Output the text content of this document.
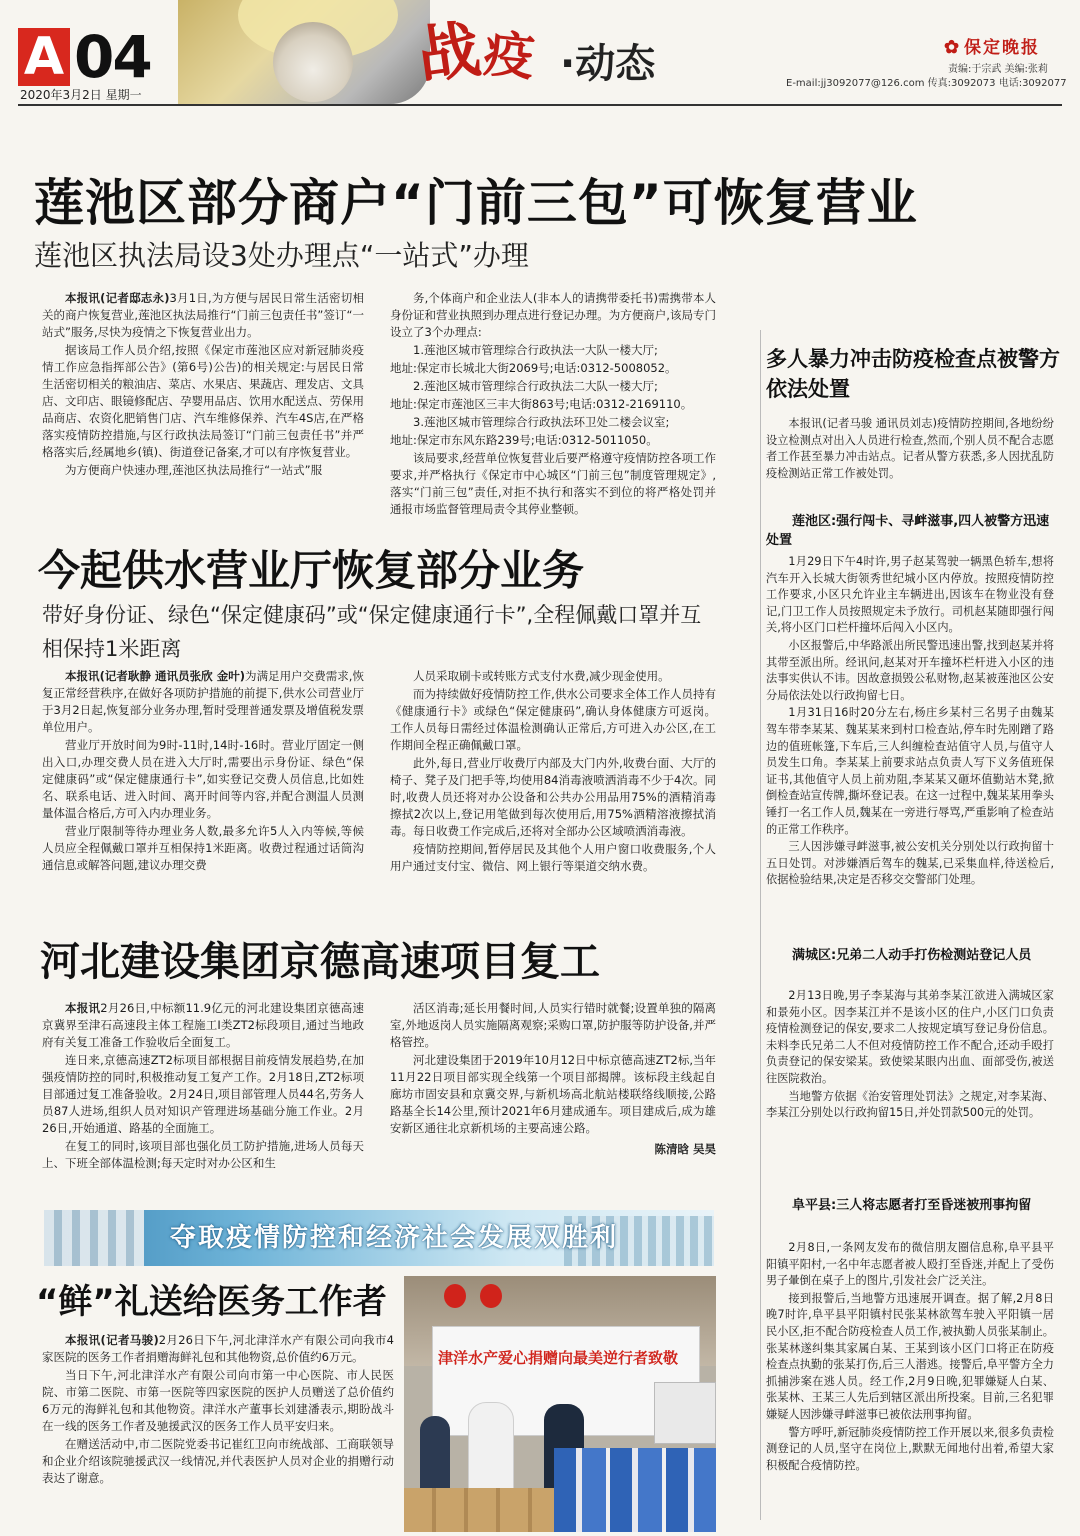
A 04
2020年3月2日 星期一
战
疫 ·动态	✿ 保定晚报
责编:于宗武 美编:张莉
E-mail:jj3092077@126.com 传真:3092073 电话:3092077
莲池区部分商户“门前三包”可恢复营业
莲池区执法局设3处办理点“一站式”办理

本报讯(记者邸志永)3月1日,为方便与居民日常生活密切相关的商户恢复营业,莲池区执法局推行“门前三包责任书”签订“一站式”服务,尽快为疫情之下恢复营业出力。

据该局工作人员介绍,按照《保定市莲池区应对新冠肺炎疫情工作应急指挥部公告》(第6号)公告)的相关规定:与居民日常生活密切相关的粮油店、菜店、水果店、果蔬店、理发店、文具店、文印店、眼镜修配店、孕婴用品店、饮用水配送点、劳保用品商店、农资化肥销售门店、汽车维修保养、汽车4S店,在严格落实疫情防控措施,与区行政执法局签订“门前三包责任书”并严格落实后,经属地乡(镇)、街道登记备案,才可以有序恢复营业。

为方便商户快速办理,莲池区执法局推行“一站式”服

务,个体商户和企业法人(非本人的请携带委托书)需携带本人身份证和营业执照到办理点进行登记办理。为方便商户,该局专门设立了3个办理点:

1.莲池区城市管理综合行政执法一大队一楼大厅;

地址:保定市长城北大街2069号;电话:0312-5008052。

2.莲池区城市管理综合行政执法二大队一楼大厅;

地址:保定市莲池区三丰大街863号;电话:0312-2169110。

3.莲池区城市管理综合行政执法环卫处二楼会议室;

地址:保定市东风东路239号;电话:0312-5011050。

该局要求,经营单位恢复营业后要严格遵守疫情防控各项工作要求,并严格执行《保定市中心城区“门前三包”制度管理规定》,落实“门前三包”责任,对拒不执行和落实不到位的将严格处罚并通报市场监督管理局责令其停业整顿。

今起供水营业厅恢复部分业务
带好身份证、绿色“保定健康码”或“保定健康通行卡”,全程佩戴口罩并互相保持1米距离

本报讯(记者耿静 通讯员张欣 金叶)为满足用户交费需求,恢复正常经营秩序,在做好各项防护措施的前提下,供水公司营业厅于3月2日起,恢复部分业务办理,暂时受理普通发票及增值税发票单位用户。

营业厅开放时间为9时-11时,14时-16时。营业厅固定一侧出入口,办理交费人员在进入大厅时,需要出示身份证、绿色“保定健康码”或“保定健康通行卡”,如实登记交费人员信息,比如姓名、联系电话、进入时间、离开时间等内容,并配合测温人员测量体温合格后,方可入内办理业务。

营业厅限制等待办理业务人数,最多允许5人入内等候,等候人员应全程佩戴口罩并互相保持1米距离。收费过程通过话筒沟通信息或解答问题,建议办理交费

人员采取刷卡或转账方式支付水费,减少现金使用。

而为持续做好疫情防控工作,供水公司要求全体工作人员持有《健康通行卡》或绿色“保定健康码”,确认身体健康方可返岗。工作人员每日需经过体温检测确认正常后,方可进入办公区,在工作期间全程正确佩戴口罩。

此外,每日,营业厅收费厅内部及大门内外,收费台面、大厅的椅子、凳子及门把手等,均使用84消毒液喷洒消毒不少于4次。同时,收费人员还将对办公设备和公共办公用品用75%的酒精消毒擦拭2次以上,登记用笔做到每次使用后,用75%酒精溶液擦拭消毒。每日收费工作完成后,还将对全部办公区域喷洒消毒液。

疫情防控期间,暂停居民及其他个人用户窗口收费服务,个人用户通过支付宝、微信、网上银行等渠道交纳水费。

河北建设集团京德高速项目复工

本报讯2月26日,中标额11.9亿元的河北建设集团京德高速京冀界至津石高速段主体工程施工Ⅰ类ZT2标段项目,通过当地政府有关复工准备工作验收后全面复工。

连日来,京德高速ZT2标项目部根据目前疫情发展趋势,在加强疫情防控的同时,积极推动复工复产工作。2月18日,ZT2标项目部通过复工准备验收。2月24日,项目部管理人员44名,劳务人员87人进场,组织人员对知识产管理进场基础分施工作业。2月26日,开始通道、路基的全面施工。

在复工的同时,该项目部也强化员工防护措施,进场人员每天上、下班全部体温检测;每天定时对办公区和生

活区消毒;延长用餐时间,人员实行错时就餐;设置单独的隔离室,外地返岗人员实施隔离观察;采购口罩,防护服等防护设备,并严格管控。

河北建设集团于2019年10月12日中标京德高速ZT2标,当年11月22日项目部实现全线第一个项目部揭牌。该标段主线起自廊坊市固安县和京冀交界,与新机场高北航站楼联络线顺接,公路路基全长14公里,预计2021年6月建成通车。项目建成后,成为雄安新区通往北京新机场的主要高速公路。

陈清晗 吴昊
夺取疫情防控和经济社会发展双胜利
“鲜”礼送给医务工作者

本报讯(记者马骏)2月26日下午,河北津洋水产有限公司向我市4家医院的医务工作者捐赠海鲜礼包和其他物资,总价值约6万元。

当日下午,河北津洋水产有限公司向市第一中心医院、市人民医院、市第二医院、市第一医院等四家医院的医护人员赠送了总价值约6万元的海鲜礼包和其他物资。津洋水产董事长刘建潘表示,期盼战斗在一线的医务工作者及驰援武汉的医务工作人员平安归来。

在赠送活动中,市二医院党委书记崔红卫向市统战部、工商联领导和企业介绍该院驰援武汉一线情况,并代表医护人员对企业的捐赠行动表达了谢意。

津洋水产爱心捐赠向最美逆行者致敬
多人暴力冲击防疫检查点被警方依法处置

本报讯(记者马骏 通讯员刘志)疫情防控期间,各地纷纷设立检测点对出入人员进行检查,然而,个别人员不配合志愿者工作甚至暴力冲击站点。记者从警方获悉,多人因扰乱防疫检测站正常工作被处罚。

莲池区:强行闯卡、寻衅滋事,四人被警方迅速处置

1月29日下午4时许,男子赵某驾驶一辆黑色轿车,想将汽车开入长城大街领秀世纪城小区内停放。按照疫情防控工作要求,小区只允许业主车辆进出,因该车在物业没有登记,门卫工作人员按照规定未予放行。司机赵某随即强行闯关,将小区门口栏杆撞坏后闯入小区内。

小区报警后,中华路派出所民警迅速出警,找到赵某并将其带至派出所。经讯问,赵某对开车撞坏栏杆进入小区的违法事实供认不讳。因故意损毁公私财物,赵某被莲池区公安分局依法处以行政拘留七日。

1月31日16时20分左右,杨庄乡某村三名男子由魏某驾车带李某某、魏某某来到村口检查站,停车时先刚蹭了路边的值班帐篷,下车后,三人纠缠检查站值守人员,与值守人员发生口角。李某某上前要求站点负责人写下义务值班保证书,其他值守人员上前劝阻,李某某又砸坏值勤站木凳,掀倒检查站宣传牌,撕坏登记表。在这一过程中,魏某某用拳头锤打一名工作人员,魏某在一旁进行辱骂,严重影响了检查站的正常工作秩序。

三人因涉嫌寻衅滋事,被公安机关分别处以行政拘留十五日处罚。对涉嫌酒后驾车的魏某,已采集血样,待送检后,依据检验结果,决定是否移交交警部门处理。

满城区:兄弟二人动手打伤检测站登记人员

2月13日晚,男子李某海与其弟李某江欲进入满城区家和景苑小区。因李某江并不是该小区的住户,小区门口负责疫情检测登记的保安,要求二人按规定填写登记身份信息。未料李氏兄弟二人不但对疫情防控工作不配合,还动手殴打负责登记的保安梁某。致使梁某眼内出血、面部受伤,被送往医院救治。

当地警方依据《治安管理处罚法》之规定,对李某海、李某江分别处以行政拘留15日,并处罚款500元的处罚。

阜平县:三人将志愿者打至昏迷被刑事拘留

2月8日,一条网友发布的微信朋友圈信息称,阜平县平阳镇平阳村,一名中年志愿者被人殴打至昏迷,并配上了受伤男子暈倒在桌子上的图片,引发社会广泛关注。

接到报警后,当地警方迅速展开调查。据了解,2月8日晚7时许,阜平县平阳镇村民张某林欲驾车驶入平阳镇一居民小区,拒不配合防疫检查人员工作,被执勤人员张某制止。张某林遂纠集其家属白某、王某到该小区门口将正在防疫检查点执勤的张某打伤,后三人潜逃。接警后,阜平警方全力抓捕涉案在逃人员。经工作,2月9日晚,犯罪嫌疑人白某、张某林、王某三人先后到辖区派出所投案。目前,三名犯罪嫌疑人因涉嫌寻衅滋事已被依法刑事拘留。

警方呼吁,新冠肺炎疫情防控工作开展以来,很多负责检测登记的人员,坚守在岗位上,默默无闻地付出着,希望大家积极配合疫情防控。
